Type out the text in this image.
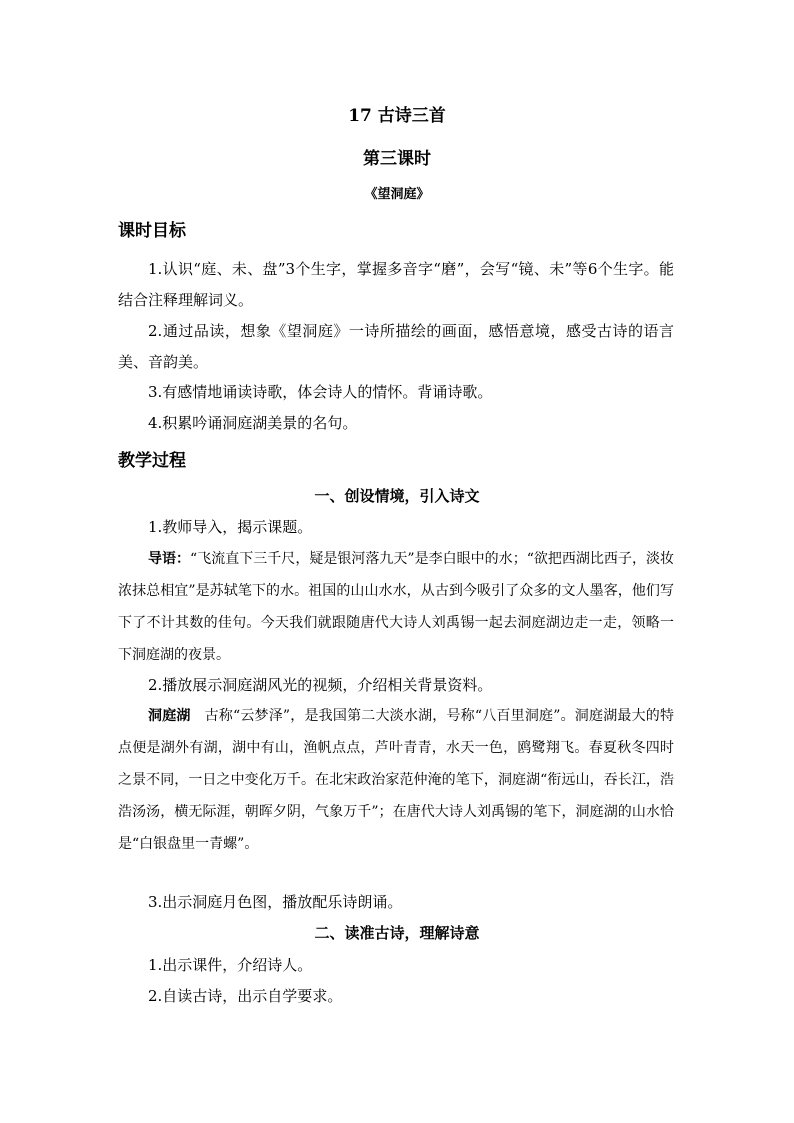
17 古诗三首
第三课时
《望洞庭》
课时目标

1.认识“庭、未、盘”3个生字，掌握多音字“磨”，会写“镜、未”等6个生字。能结合注释理解词义。

2.通过品读，想象《望洞庭》一诗所描绘的画面，感悟意境，感受古诗的语言美、音韵美。

3.有感情地诵读诗歌，体会诗人的情怀。背诵诗歌。

4.积累吟诵洞庭湖美景的名句。

教学过程
一、创设情境，引入诗文

1.教师导入，揭示课题。

导语：“飞流直下三千尺，疑是银河落九天”是李白眼中的水；“欲把西湖比西子，淡妆浓抹总相宜”是苏轼笔下的水。祖国的山山水水，从古到今吸引了众多的文人墨客，他们写下了不计其数的佳句。今天我们就跟随唐代大诗人刘禹锡一起去洞庭湖边走一走，领略一下洞庭湖的夜景。

2.播放展示洞庭湖风光的视频，介绍相关背景资料。

洞庭湖 古称“云梦泽”，是我国第二大淡水湖，号称“八百里洞庭”。洞庭湖最大的特点便是湖外有湖，湖中有山，渔帆点点，芦叶青青，水天一色，鸥鹭翔飞。春夏秋冬四时之景不同，一日之中变化万千。在北宋政治家范仲淹的笔下，洞庭湖“衔远山，吞长江，浩浩汤汤，横无际涯，朝晖夕阴，气象万千”；在唐代大诗人刘禹锡的笔下，洞庭湖的山水恰是“白银盘里一青螺”。

3.出示洞庭月色图，播放配乐诗朗诵。

二、读准古诗，理解诗意

1.出示课件，介绍诗人。

2.自读古诗，出示自学要求。
